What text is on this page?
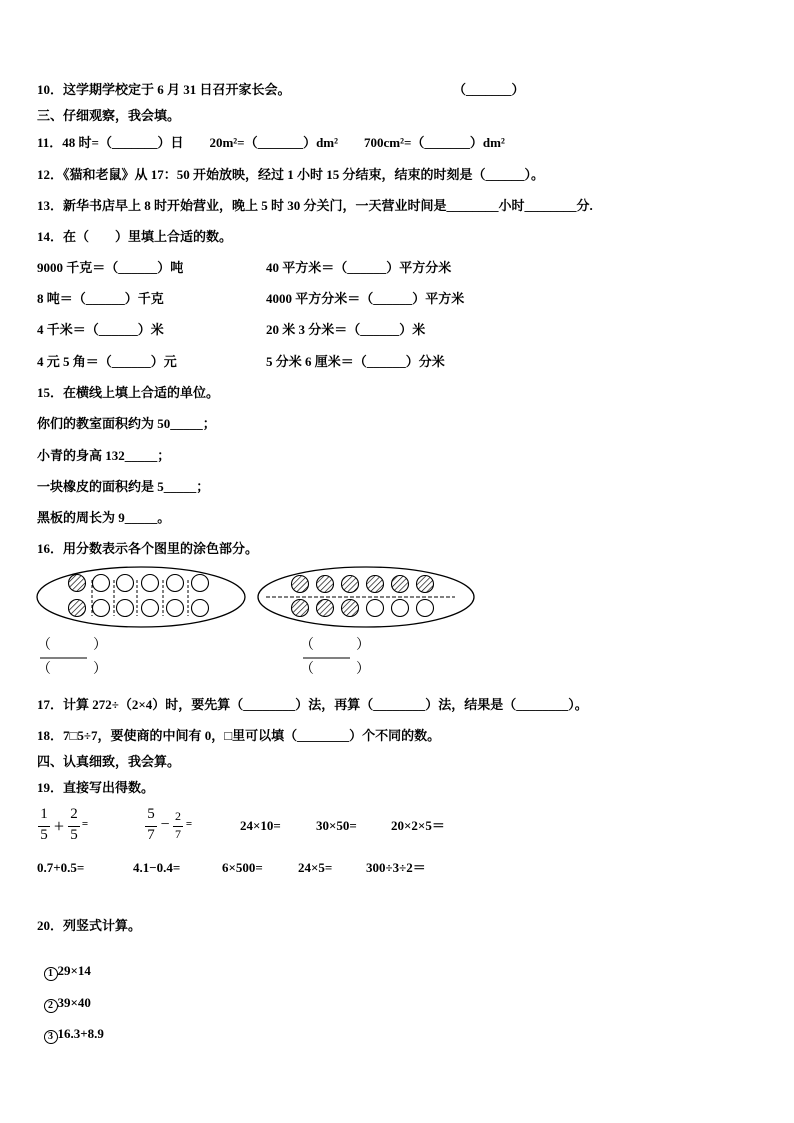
10．这学期学校定于 6 月 31 日召开家长会。	（_______）
三、仔细观察，我会填。
11．48 时=（_______）日　　20m²=（_______）dm²　　700cm²=（_______）dm²
12．《猫和老鼠》从 17：50 开始放映，经过 1 小时 15 分结束，结束的时刻是（______）。
13．新华书店早上 8 时开始营业，晚上 5 时 30 分关门，一天营业时间是________小时________分.
14．在（　　）里填上合适的数。
9000 千克＝（______）吨	40 平方米＝（______）平方分米
8 吨＝（______）千克	4000 平方分米＝（______）平方米
4 千米＝（______）米	20 米 3 分米＝（______）米
4 元 5 角＝（______）元	5 分米 6 厘米＝（______）分米
15．在横线上填上合适的单位。
你们的教室面积约为 50_____；
小青的身高 132_____；
一块橡皮的面积约是 5_____；
黑板的周长为 9_____。
16．用分数表示各个图里的涂色部分。
（　　　	）
（　　　	）
（　　　	）
（　　　	）
17．计算 272÷（2×4）时，要先算（________）法，再算（________）法，结果是（________）。
18．7□5÷7，要使商的中间有 0，□里可以填（________）个不同的数。
四、认真细致，我会算。
19．直接写出得数。
1
5 +
2
5
=
5
7
− 2
7
=	24×10=	30×50=	20×2×5＝
0.7+0.5=	4.1−0.4=	6×500=	24×5=	300÷3÷2＝
20．列竖式计算。

1 29×14

2 39×40

3 16.3+8.9
